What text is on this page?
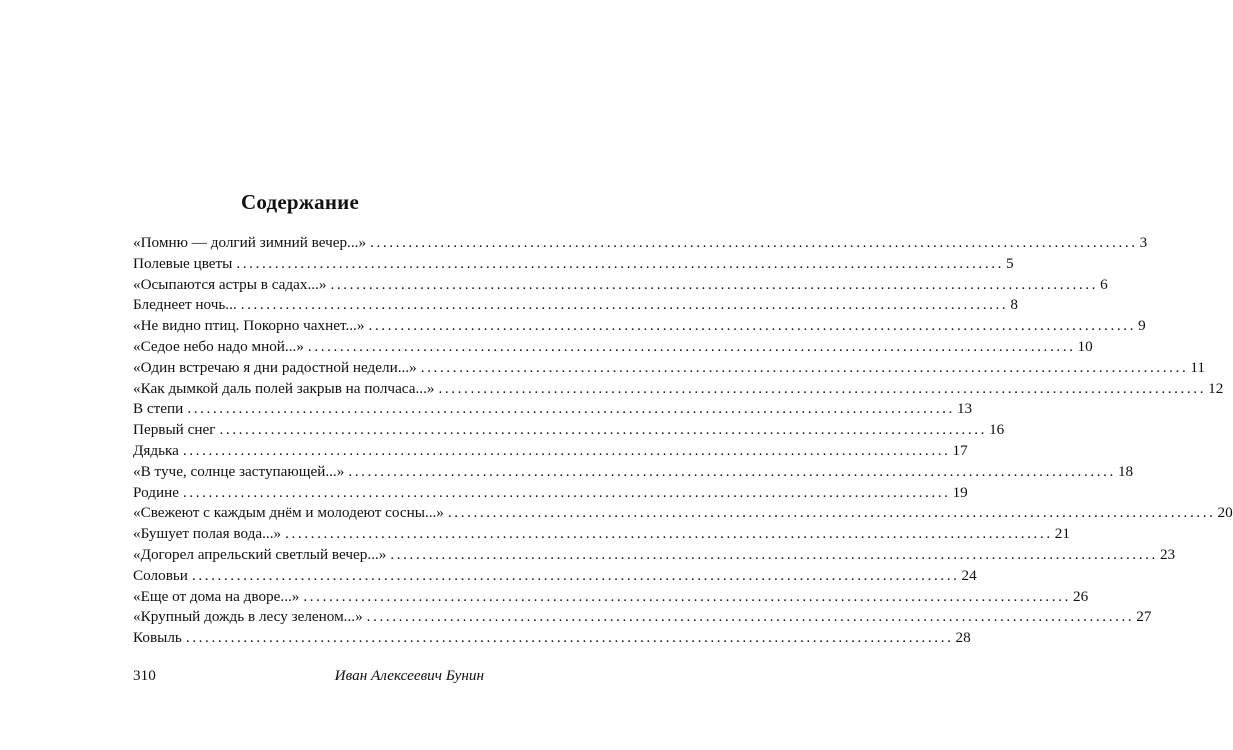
Содержание
«Помню — долгий зимний вечер...» ........................................................................................................................ 3
Полевые цветы ........................................................................................................................ 5
«Осыпаются астры в садах...» ........................................................................................................................ 6
Бледнеет ночь... ........................................................................................................................ 8
«Не видно птиц. Покорно чахнет...» ........................................................................................................................ 9
«Седое небо надо мной...» ........................................................................................................................ 10
«Один встречаю я дни радостной недели...» ........................................................................................................................ 11
«Как дымкой даль полей закрыв на полчаса...» ........................................................................................................................ 12
В степи ........................................................................................................................ 13
Первый снег ........................................................................................................................ 16
Дядька ........................................................................................................................ 17
«В туче, солнце заступающей...» ........................................................................................................................ 18
Родине ........................................................................................................................ 19
«Свежеют с каждым днём и молодеют сосны...» ........................................................................................................................ 20
«Бушует полая вода...» ........................................................................................................................ 21
«Догорел апрельский светлый вечер...» ........................................................................................................................ 23
Соловьи ........................................................................................................................ 24
«Еще от дома на дворе...» ........................................................................................................................ 26
«Крупный дождь в лесу зеленом...» ........................................................................................................................ 27
Ковыль ........................................................................................................................ 28
310	Иван Алексеевич Бунин
